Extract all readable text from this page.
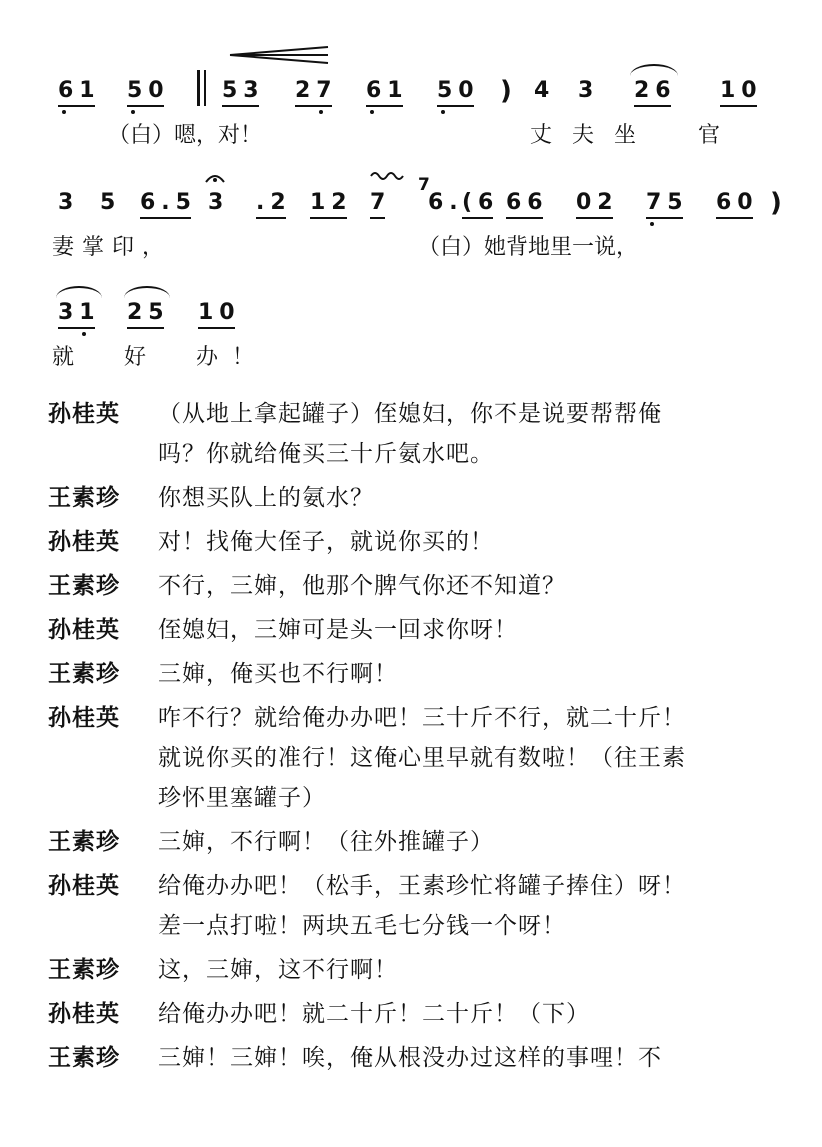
61 50 53 27 61 50 ) 4 3 26 10

（白）嗯，对！

	丈夫坐　官

3 5 6.5 3 .2 12 7 6.
(6 66 02 75 60 )
7

妻掌印，

	（白）她背地里一说，

31 25 10

就　好　办！

孙桂英	（从地上拿起罐子）侄媳妇，你不是说要帮帮俺
吗？你就给俺买三十斤氨水吧。
王素珍	你想买队上的氨水？
孙桂英	对！找俺大侄子，就说你买的！
王素珍	不行，三婶，他那个脾气你还不知道？
孙桂英	侄媳妇，三婶可是头一回求你呀！
王素珍	三婶，俺买也不行啊！
孙桂英	咋不行？就给俺办办吧！三十斤不行，就二十斤！
就说你买的准行！这俺心里早就有数啦！（往王素
珍怀里塞罐子）
王素珍	三婶，不行啊！（往外推罐子）
孙桂英	给俺办办吧！（松手，王素珍忙将罐子捧住）呀！
差一点打啦！两块五毛七分钱一个呀！
王素珍	这，三婶，这不行啊！
孙桂英	给俺办办吧！就二十斤！二十斤！（下）
王素珍	三婶！三婶！唉，俺从根没办过这样的事哩！不
